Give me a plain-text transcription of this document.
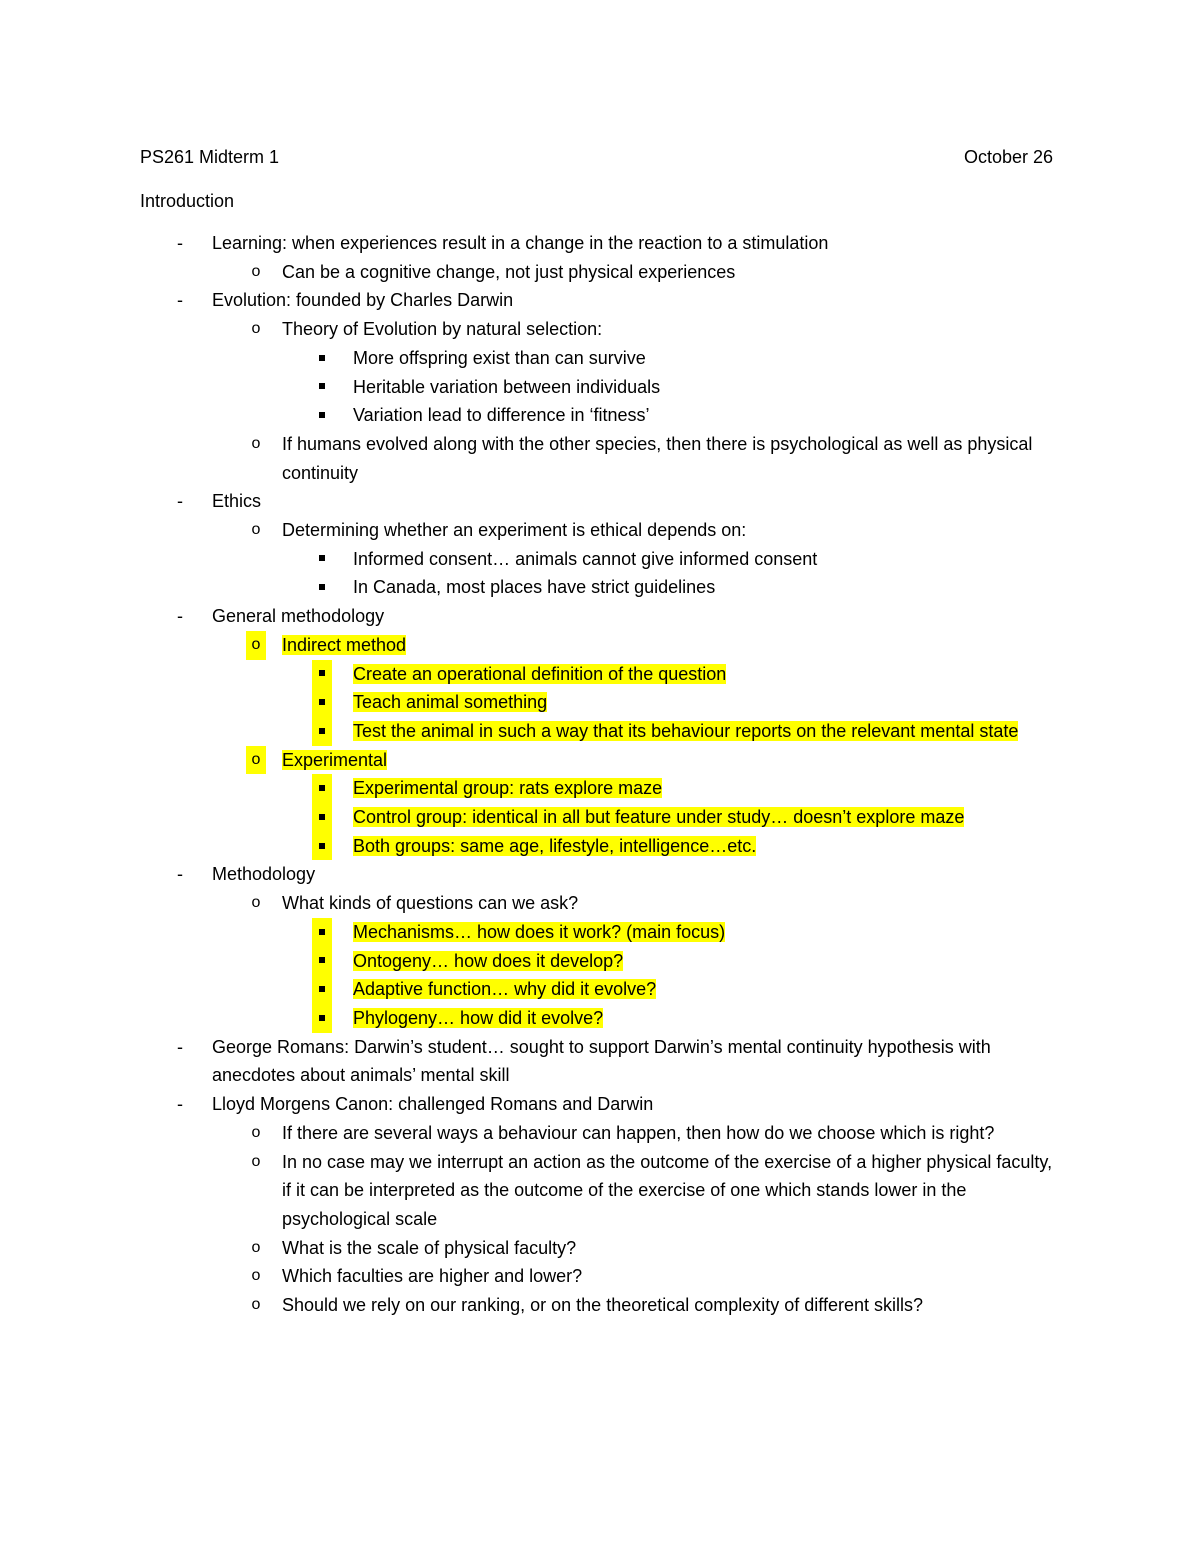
PS261 Midterm 1	October 26
Introduction
-	Learning: when experiences result in a change in the reaction to a stimulation
o	Can be a cognitive change, not just physical experiences
-	Evolution: founded by Charles Darwin
o	Theory of Evolution by natural selection:
More offspring exist than can survive
Heritable variation between individuals
Variation lead to difference in ‘fitness’
o	If humans evolved along with the other species, then there is psychological as well as physical continuity
-	Ethics
o	Determining whether an experiment is ethical depends on:
Informed consent… animals cannot give informed consent
In Canada, most places have strict guidelines
-	General methodology
o	Indirect method
Create an operational definition of the question
Teach animal something
Test the animal in such a way that its behaviour reports on the relevant mental state
o	Experimental
Experimental group: rats explore maze
Control group: identical in all but feature under study… doesn’t explore maze
Both groups: same age, lifestyle, intelligence…etc.
-	Methodology
o	What kinds of questions can we ask?
Mechanisms… how does it work? (main focus)
Ontogeny… how does it develop?
Adaptive function… why did it evolve?
Phylogeny… how did it evolve?
-	George Romans: Darwin’s student… sought to support Darwin’s mental continuity hypothesis with anecdotes about animals’ mental skill
-	Lloyd Morgens Canon: challenged Romans and Darwin
o	If there are several ways a behaviour can happen, then how do we choose which is right?
o	In no case may we interrupt an action as the outcome of the exercise of a higher physical faculty, if it can be interpreted as the outcome of the exercise of one which stands lower in the psychological scale
o	What is the scale of physical faculty?
o	Which faculties are higher and lower?
o	Should we rely on our ranking, or on the theoretical complexity of different skills?
